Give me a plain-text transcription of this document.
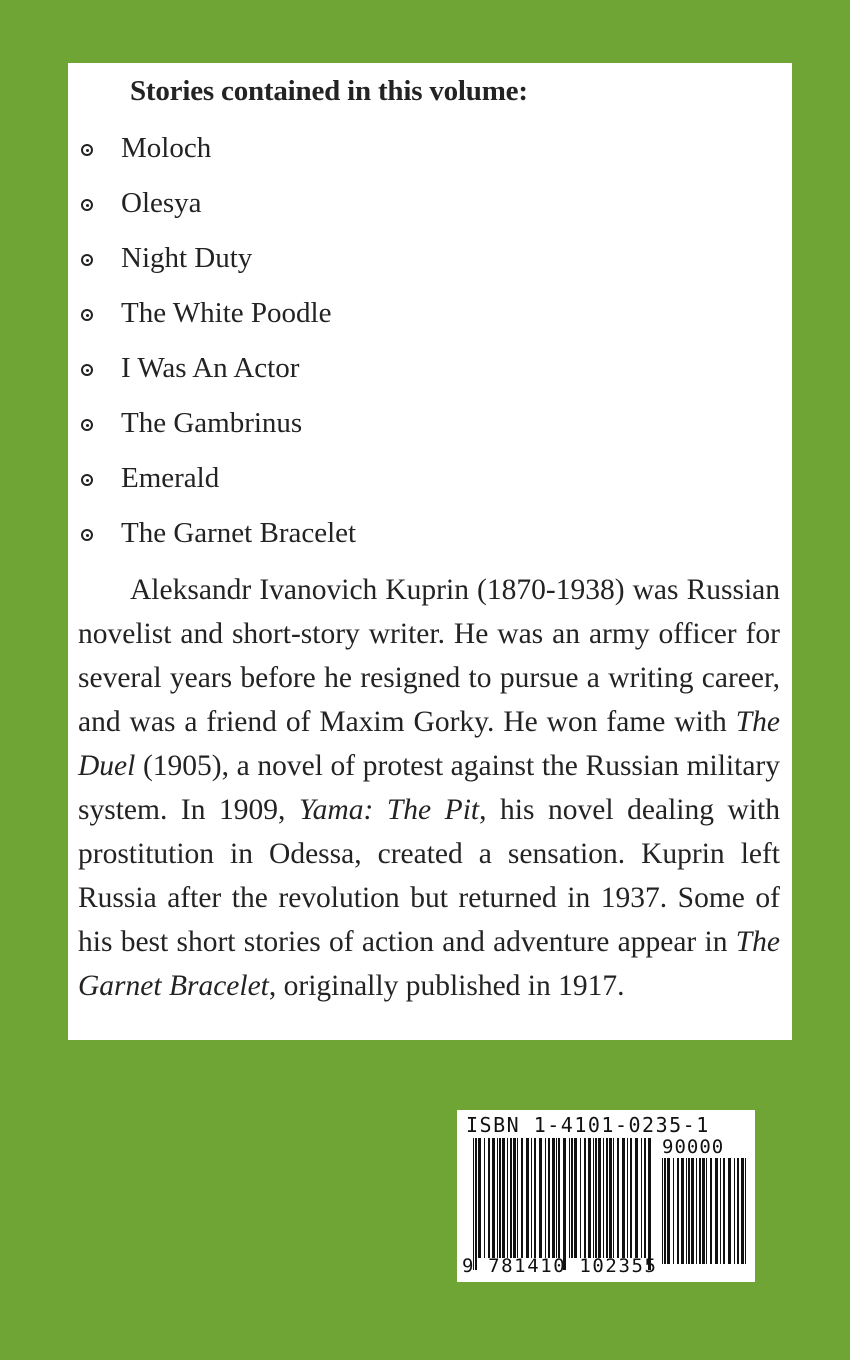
Stories contained in this volume:
Moloch
Olesya
Night Duty
The White Poodle
I Was An Actor
The Gambrinus
Emerald
The Garnet Bracelet

Aleksandr Ivanovich Kuprin (1870-1938) was Russian novelist and short-story writer. He was an army officer for several years before he resigned to pursue a writing career, and was a friend of Maxim Gorky. He won fame with The Duel (1905), a novel of protest against the Russian military system. In 1909, Yama: The Pit, his novel dealing with prostitution in Odessa, created a sensation. Kuprin left Russia after the revolution but returned in 1937. Some of his best short stories of action and adventure appear in The Garnet Bracelet, originally published in 1917.

ISBN 1-4101-0235-1
90000
9 781410 102355
